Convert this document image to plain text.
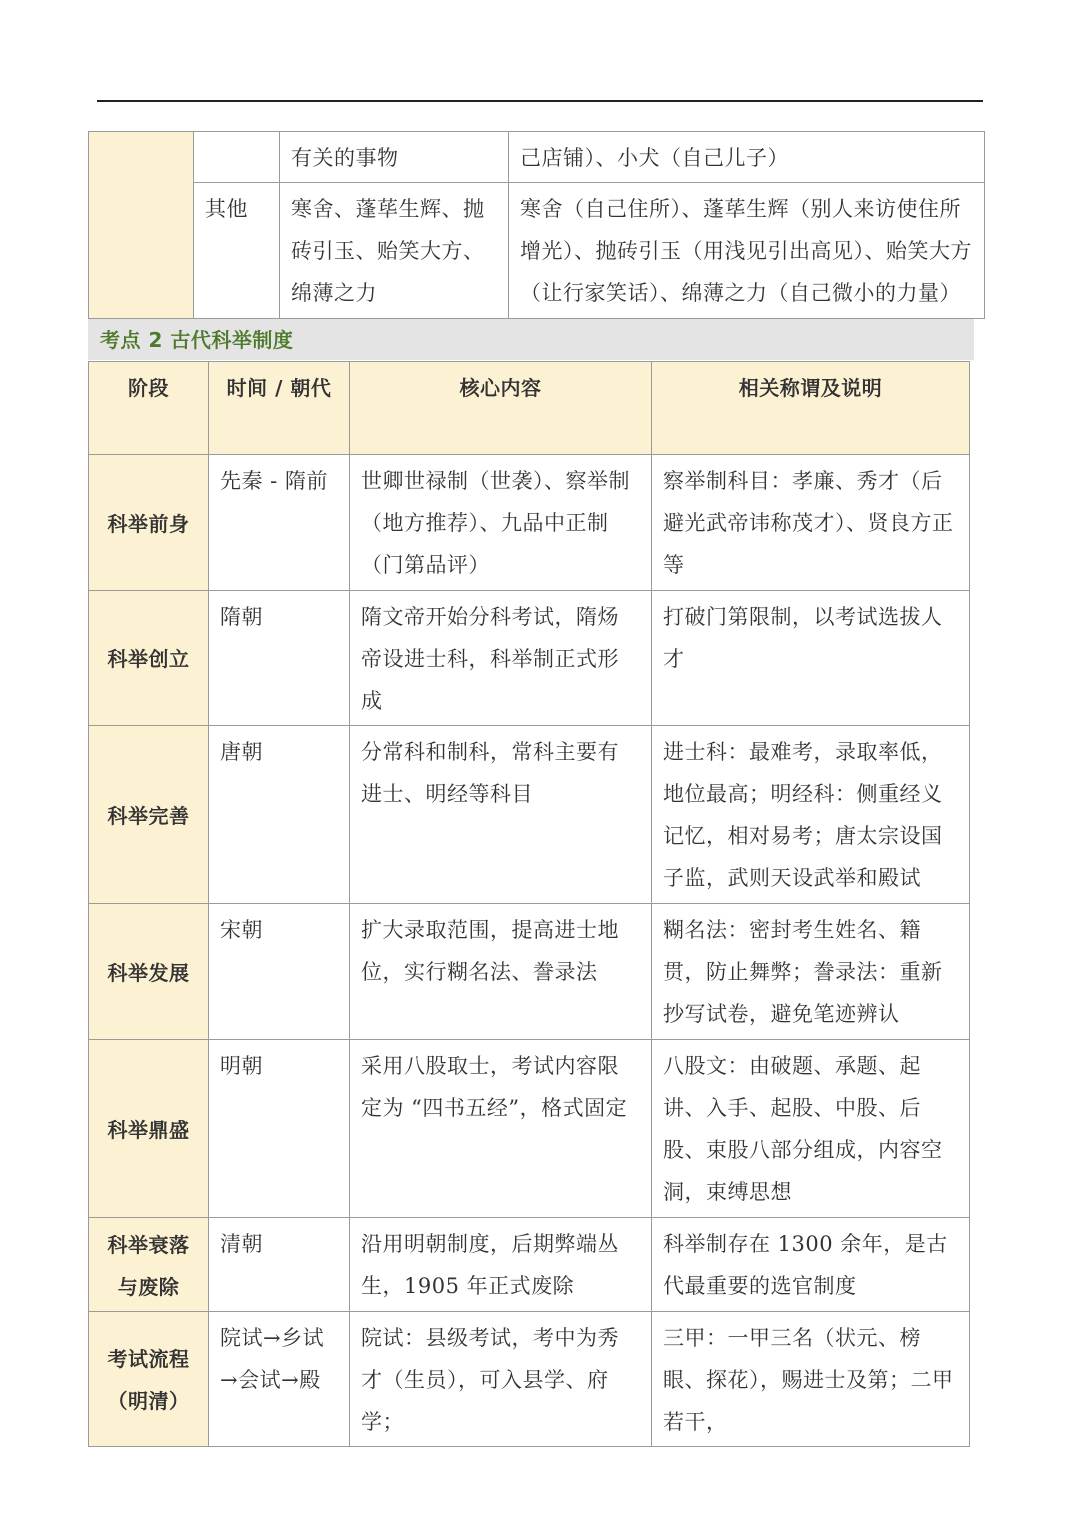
		有关的事物	己店铺）、小犬（自己儿子）
	其他	寒舍、蓬荜生辉、抛砖引玉、贻笑大方、绵薄之力	寒舍（自己住所）、蓬荜生辉（别人来访使住所增光）、抛砖引玉（用浅见引出高见）、贻笑大方（让行家笑话）、绵薄之力（自己微小的力量）
考点 2 古代科举制度
阶段	时间 / 朝代	核心内容	相关称谓及说明
科举前身	先秦 - 隋前	世卿世禄制（世袭）、察举制（地方推荐）、九品中正制（门第品评）	察举制科目：孝廉、秀才（后避光武帝讳称茂才）、贤良方正等
科举创立	隋朝	隋文帝开始分科考试，隋炀帝设进士科，科举制正式形成	打破门第限制，以考试选拔人才
科举完善	唐朝	分常科和制科，常科主要有进士、明经等科目	进士科：最难考，录取率低，地位最高；明经科：侧重经义记忆，相对易考；唐太宗设国子监，武则天设武举和殿试
科举发展	宋朝	扩大录取范围，提高进士地位，实行糊名法、誊录法	糊名法：密封考生姓名、籍贯，防止舞弊；誊录法：重新抄写试卷，避免笔迹辨认
科举鼎盛	明朝	采用八股取士，考试内容限定为 “四书五经”，格式固定	八股文：由破题、承题、起讲、入手、起股、中股、后股、束股八部分组成，内容空洞，束缚思想
科举衰落与废除	清朝	沿用明朝制度，后期弊端丛生，1905 年正式废除	科举制存在 1300 余年，是古代最重要的选官制度
考试流程（明清）	院试→乡试→会试→殿	院试：县级考试，考中为秀才（生员），可入县学、府学；	三甲：一甲三名（状元、榜眼、探花），赐进士及第；二甲若干，
